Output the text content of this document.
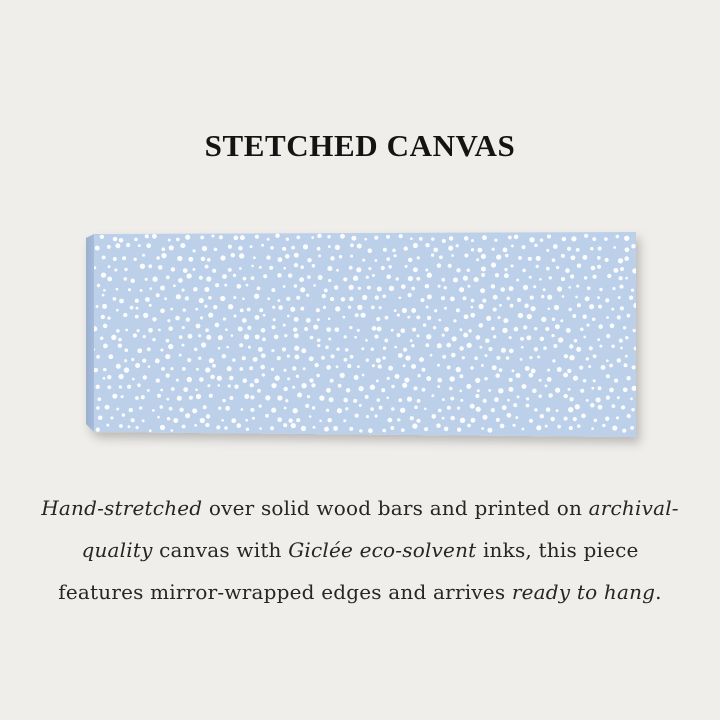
STETCHED CANVAS
Hand-stretched over solid wood bars and printed on archival-quality canvas with Giclée eco-solvent inks, this piece features mirror-wrapped edges and arrives ready to hang.
